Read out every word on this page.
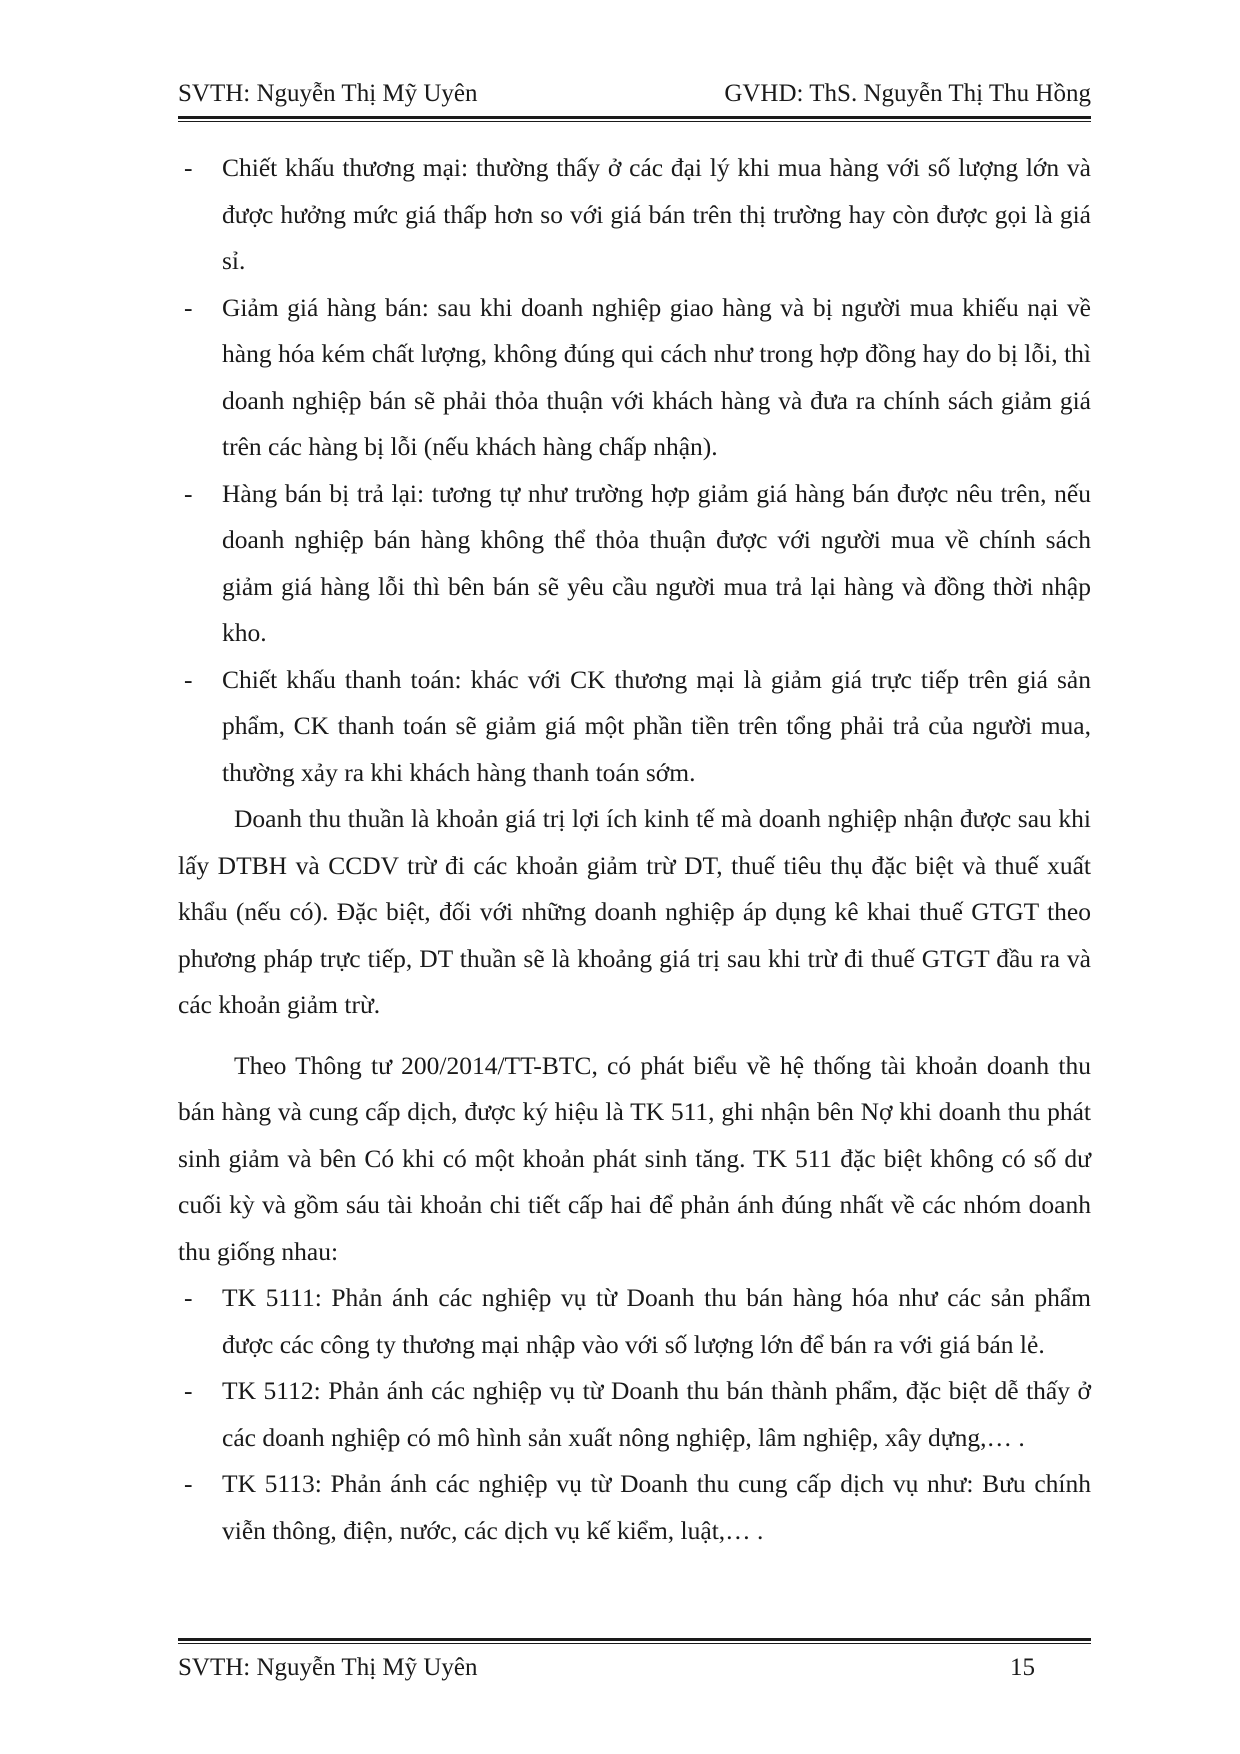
SVTH: Nguyễn Thị Mỹ Uyên	GVHD: ThS. Nguyễn Thị Thu Hồng
- Chiết khấu thương mại: thường thấy ở các đại lý khi mua hàng với số lượng lớn và được hưởng mức giá thấp hơn so với giá bán trên thị trường hay còn được gọi là giá sỉ.
- Giảm giá hàng bán: sau khi doanh nghiệp giao hàng và bị người mua khiếu nại về hàng hóa kém chất lượng, không đúng qui cách như trong hợp đồng hay do bị lỗi, thì doanh nghiệp bán sẽ phải thỏa thuận với khách hàng và đưa ra chính sách giảm giá trên các hàng bị lỗi (nếu khách hàng chấp nhận).
- Hàng bán bị trả lại: tương tự như trường hợp giảm giá hàng bán được nêu trên, nếu doanh nghiệp bán hàng không thể thỏa thuận được với người mua về chính sách giảm giá hàng lỗi thì bên bán sẽ yêu cầu người mua trả lại hàng và đồng thời nhập kho.
- Chiết khấu thanh toán: khác với CK thương mại là giảm giá trực tiếp trên giá sản phẩm, CK thanh toán sẽ giảm giá một phần tiền trên tổng phải trả của người mua, thường xảy ra khi khách hàng thanh toán sớm.

Doanh thu thuần là khoản giá trị lợi ích kinh tế mà doanh nghiệp nhận được sau khi lấy DTBH và CCDV trừ đi các khoản giảm trừ DT, thuế tiêu thụ đặc biệt và thuế xuất khẩu (nếu có). Đặc biệt, đối với những doanh nghiệp áp dụng kê khai thuế GTGT theo phương pháp trực tiếp, DT thuần sẽ là khoảng giá trị sau khi trừ đi thuế GTGT đầu ra và các khoản giảm trừ.

Theo Thông tư 200/2014/TT-BTC, có phát biểu về hệ thống tài khoản doanh thu bán hàng và cung cấp dịch, được ký hiệu là TK 511, ghi nhận bên Nợ khi doanh thu phát sinh giảm và bên Có khi có một khoản phát sinh tăng. TK 511 đặc biệt không có số dư cuối kỳ và gồm sáu tài khoản chi tiết cấp hai để phản ánh đúng nhất về các nhóm doanh thu giống nhau:

- TK 5111: Phản ánh các nghiệp vụ từ Doanh thu bán hàng hóa như các sản phẩm được các công ty thương mại nhập vào với số lượng lớn để bán ra với giá bán lẻ.
- TK 5112: Phản ánh các nghiệp vụ từ Doanh thu bán thành phẩm, đặc biệt dễ thấy ở các doanh nghiệp có mô hình sản xuất nông nghiệp, lâm nghiệp, xây dựng,… .
- TK 5113: Phản ánh các nghiệp vụ từ Doanh thu cung cấp dịch vụ như: Bưu chính viễn thông, điện, nước, các dịch vụ kế kiểm, luật,… .
SVTH: Nguyễn Thị Mỹ Uyên	15
